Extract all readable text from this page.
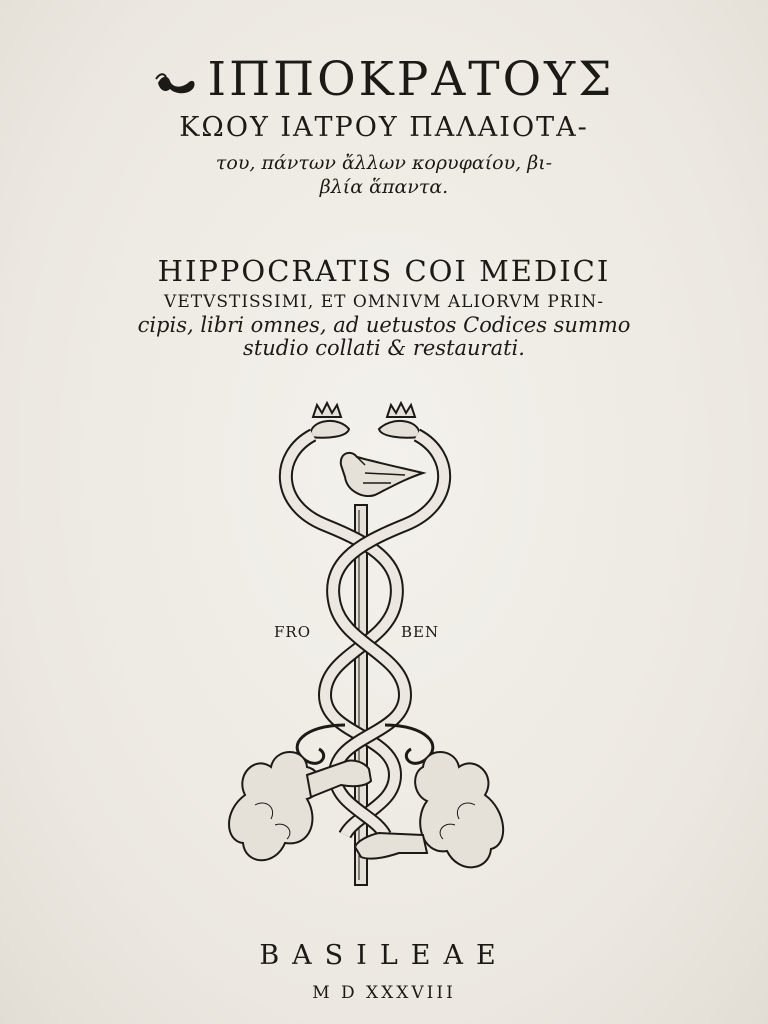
ΙΠΠΟΚΡΑΤΟΥΣ
ΚΩΟΥ ΙΑΤΡΟΥ ΠΑΛΑΙΟΤΑ-
του, πάντων ἄλλων κορυφαίου, βι-
βλία ἅπαντα.
HIPPOCRATIS COI MEDICI
VETVSTISSIMI, ET OMNIVM ALIORVM PRIN-
cipis, libri omnes, ad uetustos Codices summo
studio collati & restaurati.
FRO	BEN
BASILEAE
M D XXXVIII
